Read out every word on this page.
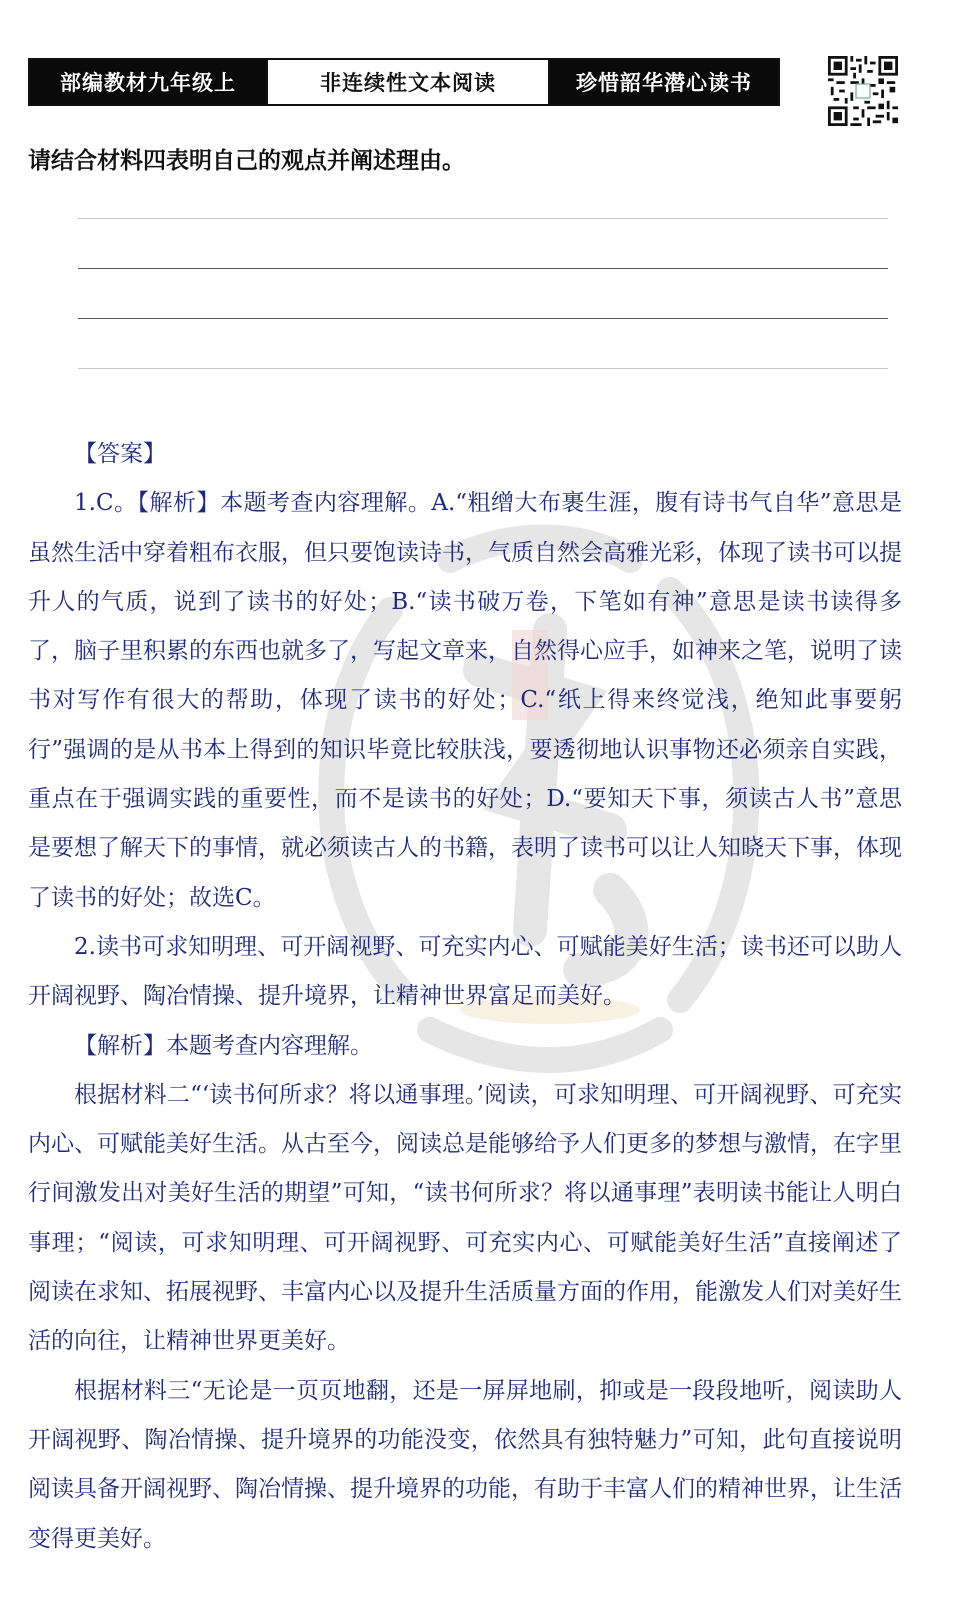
部编教材九年级上	非连续性文本阅读	珍惜韶华潜心读书
请结合材料四表明自己的观点并阐述理由。

【答案】

1.C。【解析】本题考查内容理解。A.“粗缯大布裹生涯，腹有诗书气自华”意思是虽然生活中穿着粗布衣服，但只要饱读诗书，气质自然会高雅光彩，体现了读书可以提升人的气质，说到了读书的好处；B.“读书破万卷，下笔如有神”意思是读书读得多了，脑子里积累的东西也就多了，写起文章来，自然得心应手，如神来之笔，说明了读书对写作有很大的帮助，体现了读书的好处；C.“纸上得来终觉浅，绝知此事要躬行”强调的是从书本上得到的知识毕竟比较肤浅，要透彻地认识事物还必须亲自实践，重点在于强调实践的重要性，而不是读书的好处；D.“要知天下事，须读古人书”意思是要想了解天下的事情，就必须读古人的书籍，表明了读书可以让人知晓天下事，体现了读书的好处；故选C。

2.读书可求知明理、可开阔视野、可充实内心、可赋能美好生活；读书还可以助人开阔视野、陶冶情操、提升境界，让精神世界富足而美好。

【解析】本题考查内容理解。

根据材料二“‘读书何所求？将以通事理。’阅读，可求知明理、可开阔视野、可充实内心、可赋能美好生活。从古至今，阅读总是能够给予人们更多的梦想与激情，在字里行间激发出对美好生活的期望”可知，“读书何所求？将以通事理”表明读书能让人明白事理；“阅读，可求知明理、可开阔视野、可充实内心、可赋能美好生活”直接阐述了阅读在求知、拓展视野、丰富内心以及提升生活质量方面的作用，能激发人们对美好生活的向往，让精神世界更美好。

根据材料三“无论是一页页地翻，还是一屏屏地刷，抑或是一段段地听，阅读助人开阔视野、陶冶情操、提升境界的功能没变，依然具有独特魅力”可知，此句直接说明阅读具备开阔视野、陶冶情操、提升境界的功能，有助于丰富人们的精神世界，让生活变得更美好。
